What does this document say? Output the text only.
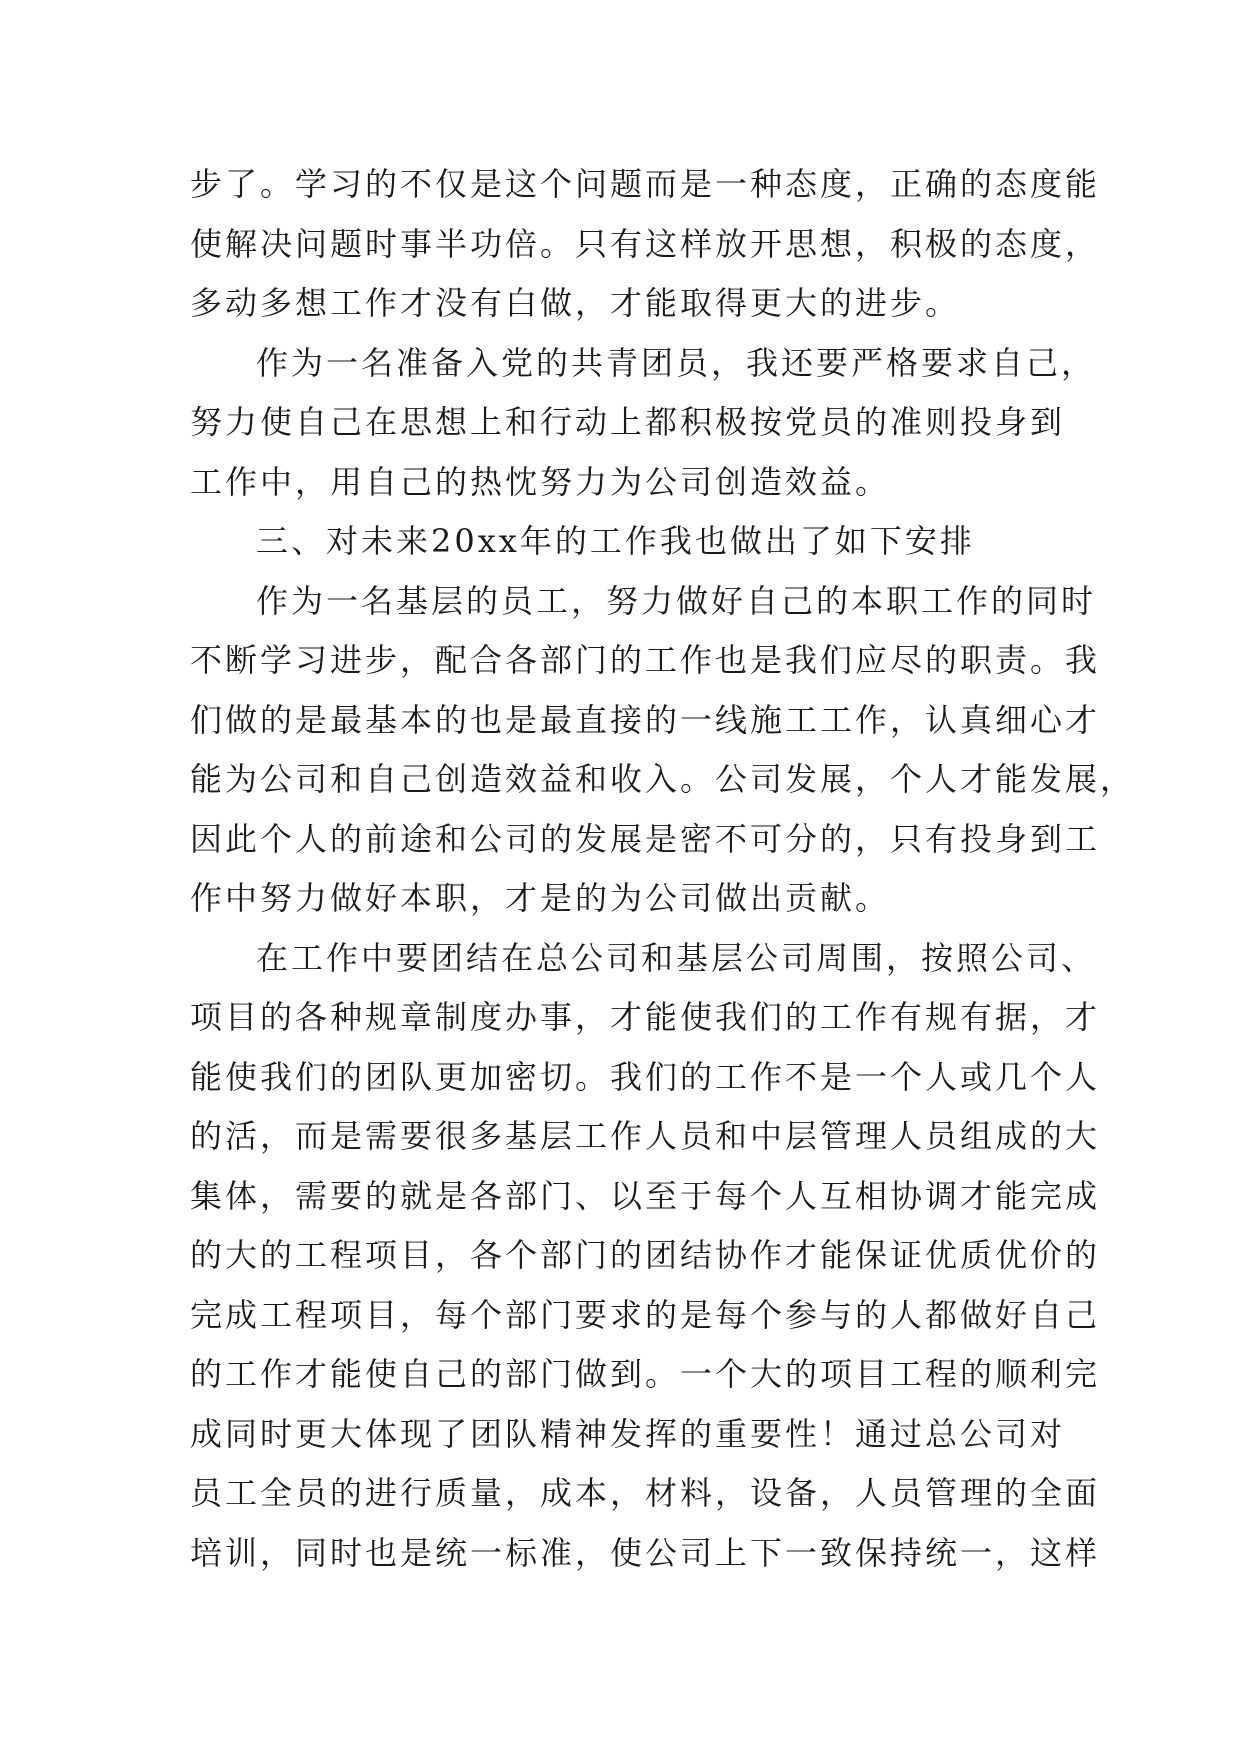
步了。学习的不仅是这个问题而是一种态度，正确的态度能
使解决问题时事半功倍。只有这样放开思想，积极的态度，
多动多想工作才没有白做，才能取得更大的进步。
作为一名准备入党的共青团员，我还要严格要求自己，
努力使自己在思想上和行动上都积极按党员的准则投身到
工作中，用自己的热忱努力为公司创造效益。
三、对未来20xx年的工作我也做出了如下安排
作为一名基层的员工，努力做好自己的本职工作的同时
不断学习进步，配合各部门的工作也是我们应尽的职责。我
们做的是最基本的也是最直接的一线施工工作，认真细心才
能为公司和自己创造效益和收入。公司发展，个人才能发展，
因此个人的前途和公司的发展是密不可分的，只有投身到工
作中努力做好本职，才是的为公司做出贡献。
在工作中要团结在总公司和基层公司周围，按照公司、
项目的各种规章制度办事，才能使我们的工作有规有据，才
能使我们的团队更加密切。我们的工作不是一个人或几个人
的活，而是需要很多基层工作人员和中层管理人员组成的大
集体，需要的就是各部门、以至于每个人互相协调才能完成
的大的工程项目，各个部门的团结协作才能保证优质优价的
完成工程项目，每个部门要求的是每个参与的人都做好自己
的工作才能使自己的部门做到。一个大的项目工程的顺利完
成同时更大体现了团队精神发挥的重要性！通过总公司对
员工全员的进行质量，成本，材料，设备，人员管理的全面
培训，同时也是统一标准，使公司上下一致保持统一，这样
